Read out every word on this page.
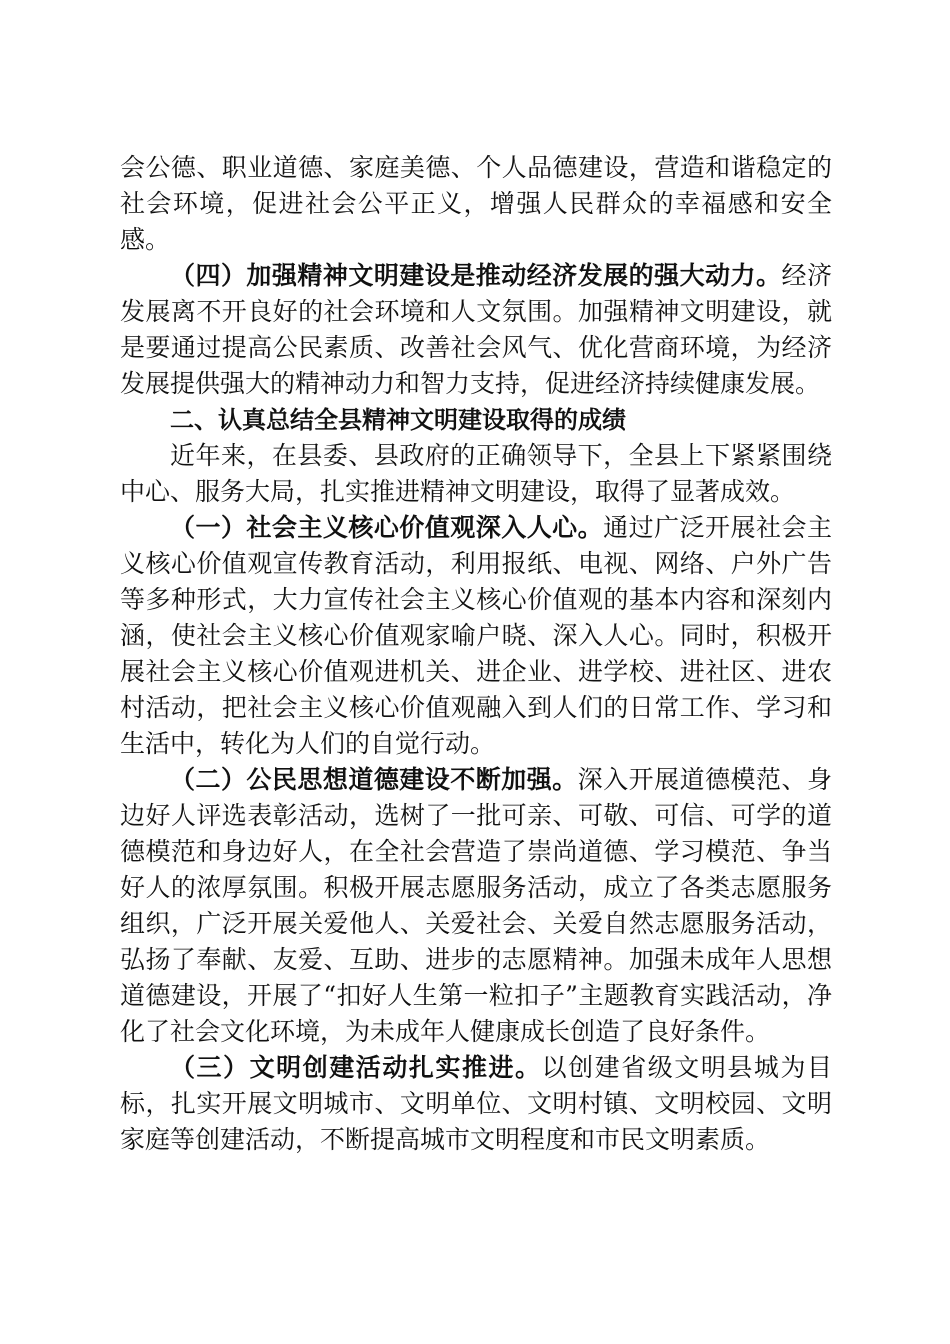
会公德、职业道德、家庭美德、个人品德建设，营造和谐稳定的社会环境，促进社会公平正义，增强人民群众的幸福感和安全感。

（四）加强精神文明建设是推动经济发展的强大动力。经济发展离不开良好的社会环境和人文氛围。加强精神文明建设，就是要通过提高公民素质、改善社会风气、优化营商环境，为经济发展提供强大的精神动力和智力支持，促进经济持续健康发展。

二、认真总结全县精神文明建设取得的成绩

近年来，在县委、县政府的正确领导下，全县上下紧紧围绕中心、服务大局，扎实推进精神文明建设，取得了显著成效。

（一）社会主义核心价值观深入人心。通过广泛开展社会主义核心价值观宣传教育活动，利用报纸、电视、网络、户外广告等多种形式，大力宣传社会主义核心价值观的基本内容和深刻内涵，使社会主义核心价值观家喻户晓、深入人心。同时，积极开展社会主义核心价值观进机关、进企业、进学校、进社区、进农村活动，把社会主义核心价值观融入到人们的日常工作、学习和生活中，转化为人们的自觉行动。

（二）公民思想道德建设不断加强。深入开展道德模范、身边好人评选表彰活动，选树了一批可亲、可敬、可信、可学的道德模范和身边好人，在全社会营造了崇尚道德、学习模范、争当好人的浓厚氛围。积极开展志愿服务活动，成立了各类志愿服务组织，广泛开展关爱他人、关爱社会、关爱自然志愿服务活动，弘扬了奉献、友爱、互助、进步的志愿精神。加强未成年人思想道德建设，开展了“扣好人生第一粒扣子”主题教育实践活动，净化了社会文化环境，为未成年人健康成长创造了良好条件。

（三）文明创建活动扎实推进。以创建省级文明县城为目标，扎实开展文明城市、文明单位、文明村镇、文明校园、文明家庭等创建活动，不断提高城市文明程度和市民文明素质。
